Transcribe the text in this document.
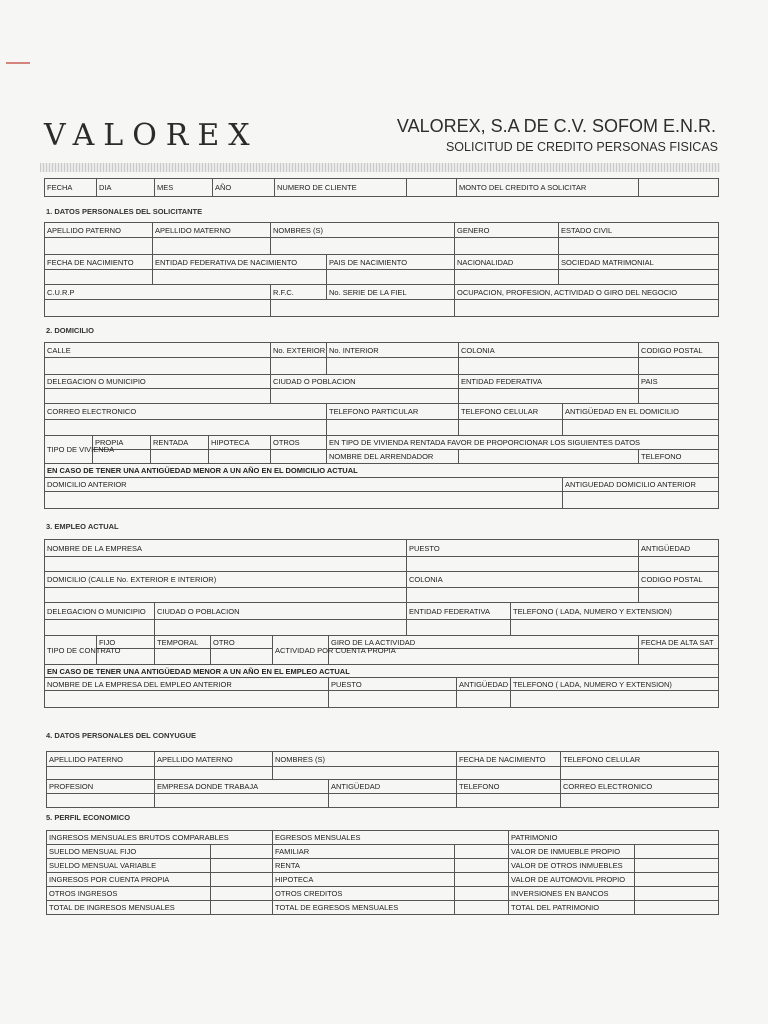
VALOREX	VALOREX, S.A DE C.V. SOFOM E.N.R.
SOLICITUD DE CREDITO PERSONAS FISICAS
FECHA	DIA	MES	AÑO	NUMERO DE CLIENTE		MONTO DEL CREDITO A SOLICITAR	
1. DATOS PERSONALES DEL SOLICITANTE
APELLIDO PATERNO	APELLIDO MATERNO	NOMBRES (S)		GENERO	ESTADO CIVIL

FECHA DE NACIMIENTO	ENTIDAD FEDERATIVA DE NACIMIENTO		PAIS DE NACIMIENTO	NACIONALIDAD	SOCIEDAD MATRIMONIAL

C.U.R.P		R.F.C.	No. SERIE DE LA FIEL	OCUPACION, PROFESION, ACTIVIDAD O GIRO DEL NEGOCIO	

2. DOMICILIO
CALLE				No. EXTERIOR	No. INTERIOR	COLONIA		CODIGO POSTAL

DELEGACION O MUNICIPIO				CIUDAD O POBLACION		ENTIDAD FEDERATIVA		PAIS

CORREO ELECTRONICO					TELEFONO PARTICULAR	TELEFONO CELULAR	ANTIGÜEDAD EN EL DOMICILIO	

TIPO DE VIVIENDA	PROPIA	RENTADA	HIPOTECA	OTROS	EN TIPO DE VIVIENDA RENTADA FAVOR DE PROPORCIONAR LOS SIGUIENTES DATOS			
					NOMBRE DEL ARRENDADOR			TELEFONO
EN CASO DE TENER UNA ANTIGÜEDAD MENOR A UN AÑO EN EL DOMICILIO ACTUAL								
DOMICILIO ANTERIOR							ANTIGUEDAD DOMICILIO ANTERIOR	

3. EMPLEO ACTUAL
NOMBRE DE LA EMPRESA						PUESTO			ANTIGÜEDAD

DOMICILIO (CALLE No. EXTERIOR E INTERIOR)						COLONIA			CODIGO POSTAL

DELEGACION O MUNICIPIO		CIUDAD O POBLACION				ENTIDAD FEDERATIVA		TELEFONO ( LADA, NUMERO Y EXTENSION)	

TIPO DE CONTRATO	FIJO	TEMPORAL	OTRO	ACTIVIDAD POR CUENTA PROPIA	GIRO DE LA ACTIVIDAD				FECHA DE ALTA SAT

EN CASO DE TENER UNA ANTIGÜEDAD MENOR A UN AÑO EN EL EMPLEO ACTUAL									
NOMBRE DE LA EMPRESA DEL EMPLEO ANTERIOR					PUESTO		ANTIGÜEDAD	TELEFONO ( LADA, NUMERO Y EXTENSION)	

4. DATOS PERSONALES DEL CONYUGUE
APELLIDO PATERNO	APELLIDO MATERNO	NOMBRES (S)		FECHA DE NACIMIENTO	TELEFONO CELULAR

PROFESION	EMPRESA DONDE TRABAJA		ANTIGÜEDAD	TELEFONO	CORREO ELECTRONICO

5. PERFIL ECONOMICO
INGRESOS MENSUALES BRUTOS COMPARABLES		EGRESOS MENSUALES		PATRIMONIO	
SUELDO MENSUAL FIJO		FAMILIAR		VALOR DE INMUEBLE PROPIO	
SUELDO MENSUAL VARIABLE		RENTA		VALOR DE OTROS INMUEBLES	
INGRESOS POR CUENTA PROPIA		HIPOTECA		VALOR DE AUTOMOVIL PROPIO	
OTROS INGRESOS		OTROS CREDITOS		INVERSIONES EN BANCOS	
TOTAL DE INGRESOS MENSUALES		TOTAL DE EGRESOS MENSUALES		TOTAL DEL PATRIMONIO	
